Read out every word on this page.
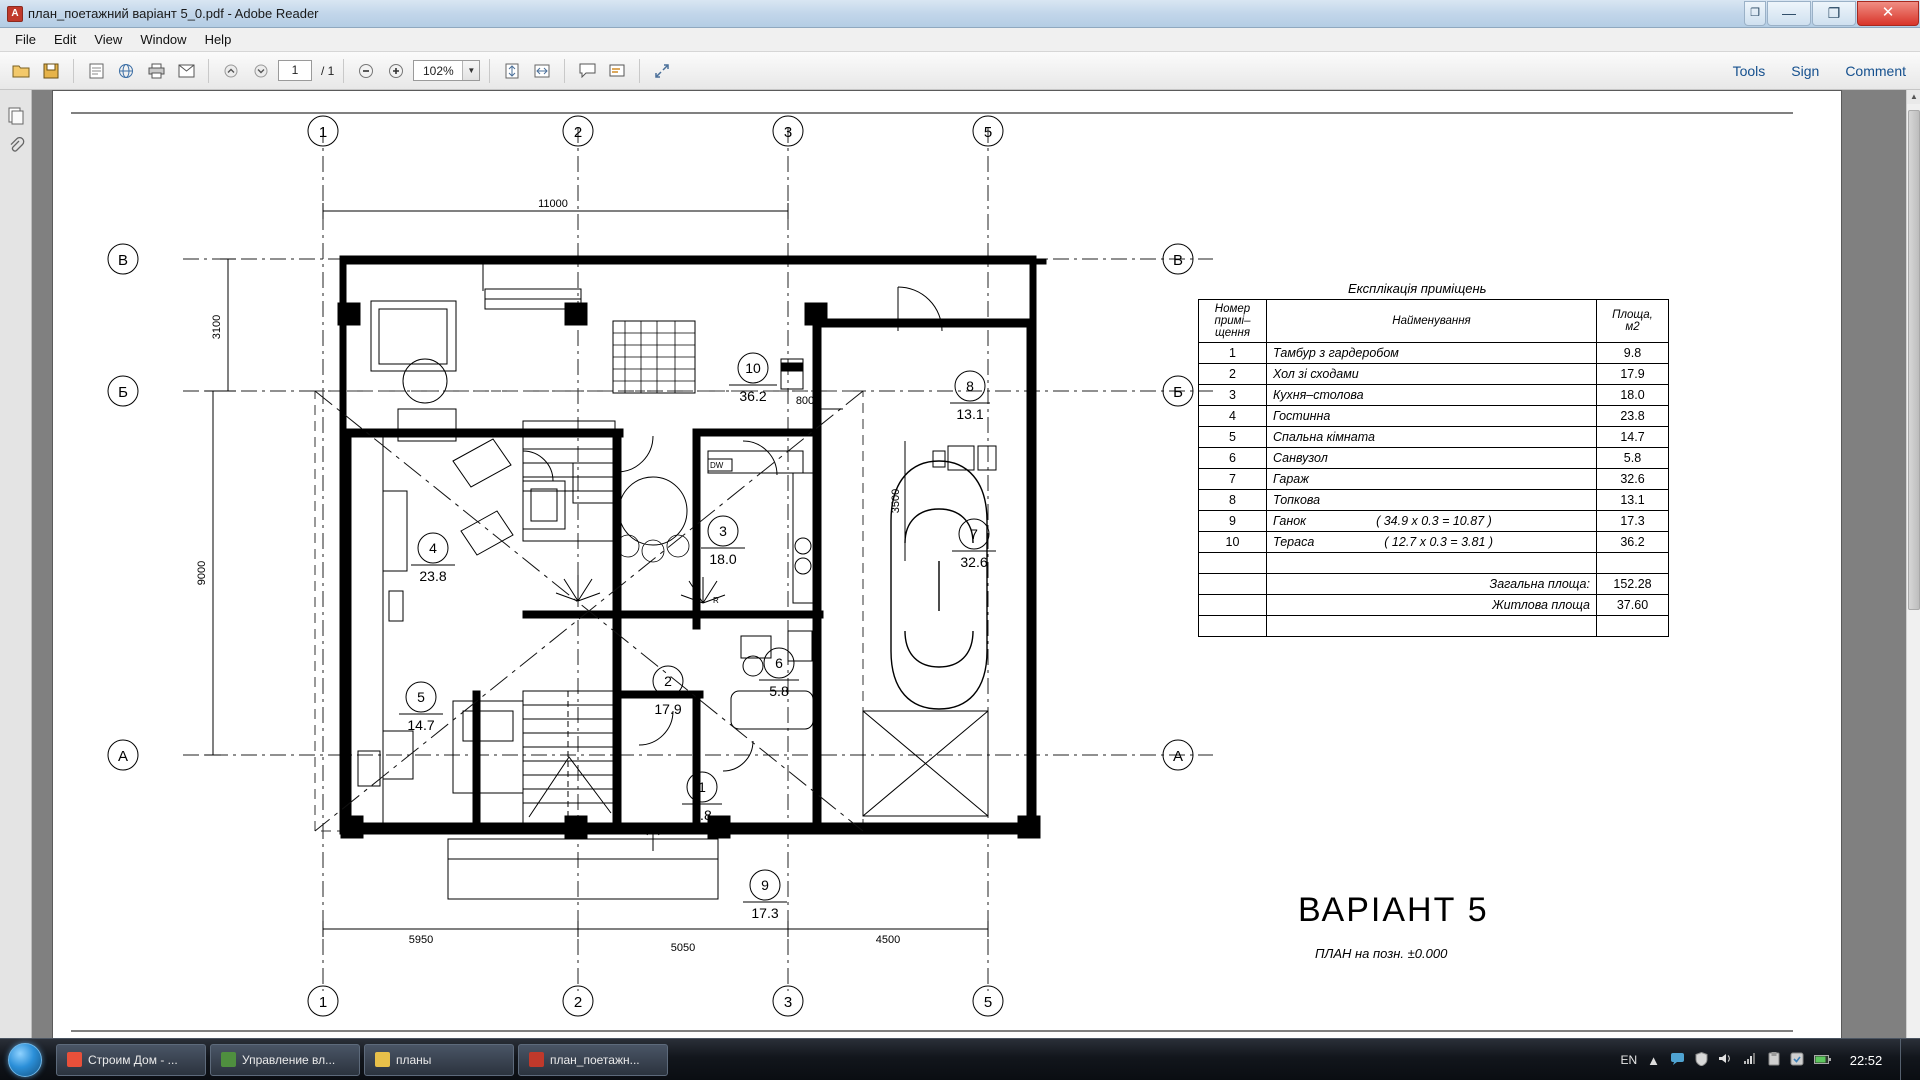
A план_поетажний варіант 5_0.pdf - Adobe Reader	❐	—	❐	✕
File	Edit	View	Window	Help
1	/ 1	102%	▼	Tools Sign Comment
10
36.2
8
13.1
4
23.8
3
18.0
7
32.6
5
14.7
2
17.9
6
5.8
1
9.8
9
17.3
1	2	3	5
1	2	3	5
В
Б
А
В
Б
А
11000
5950
5050
4500
800
3100
9000
3500
DW
R
Експлікація приміщень
Номер
примі–
щення
	Найменування	Площа,
м2

1	Тамбур з гардеробом	9.8
2	Хол зі сходами	17.9
3	Кухня–столова	18.0
4	Гостинна	23.8
5	Спальна кімната	14.7
6	Санвузол	5.8
7	Гараж	32.6
8	Топкова	13.1
9	Ганок ( 34.9 x 0.3 = 10.87 )	17.3
10	Тераса ( 12.7 x 0.3 = 3.81 )	36.2

	Загальна площа:	152.28
	Житлова площа	37.60

ВАРІАНТ 5
ПЛАН на позн. ±0.000
▲
Строим Дом - ...	Управление вл...	планы	план_поетажн...	EN ▲	22:52
